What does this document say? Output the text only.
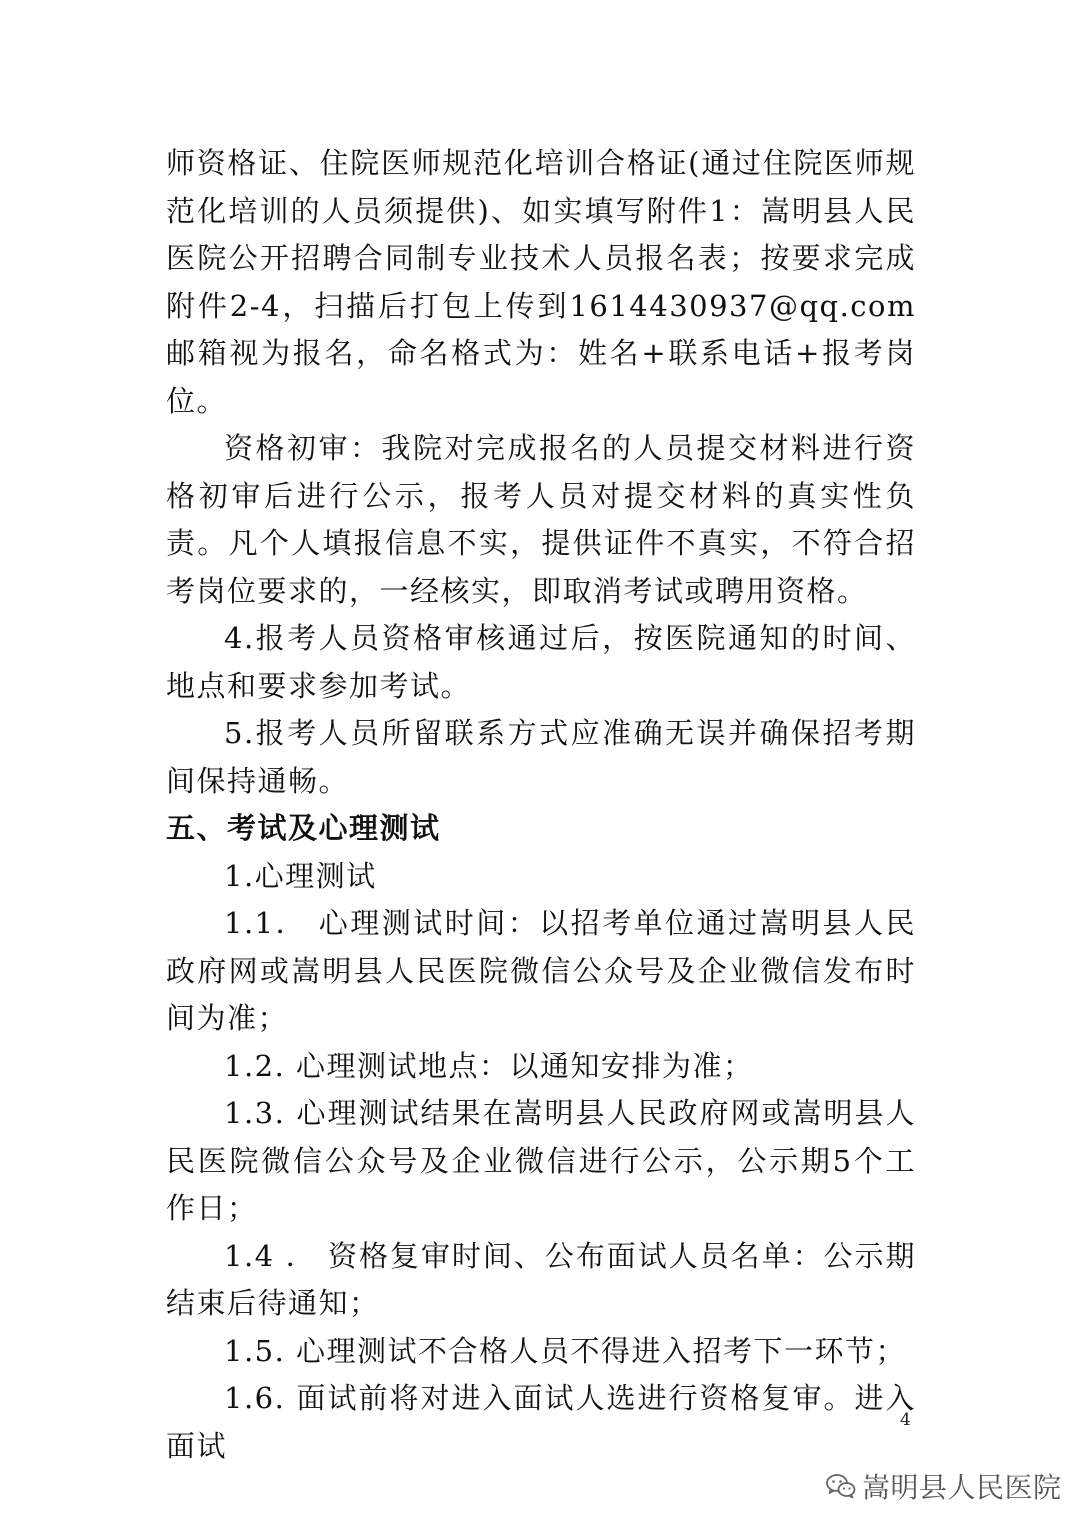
师资格证、住院医师规范化培训合格证(通过住院医师规范化培训的人员须提供)、如实填写附件1：嵩明县人民医院公开招聘合同制专业技术人员报名表；按要求完成附件2-4，扫描后打包上传到1614430937@qq.com邮箱视为报名，命名格式为：姓名+联系电话+报考岗位。

资格初审：我院对完成报名的人员提交材料进行资格初审后进行公示，报考人员对提交材料的真实性负责。凡个人填报信息不实，提供证件不真实，不符合招考岗位要求的，一经核实，即取消考试或聘用资格。

4.报考人员资格审核通过后，按医院通知的时间、地点和要求参加考试。

5.报考人员所留联系方式应准确无误并确保招考期间保持通畅。

五、考试及心理测试

1.心理测试

1.1． 心理测试时间：以招考单位通过嵩明县人民政府网或嵩明县人民医院微信公众号及企业微信发布时间为准；

1.2. 心理测试地点：以通知安排为准；

1.3. 心理测试结果在嵩明县人民政府网或嵩明县人民医院微信公众号及企业微信进行公示，公示期5个工作日；

1.4 ． 资格复审时间、公布面试人员名单：公示期结束后待通知；

1.5. 心理测试不合格人员不得进入招考下一环节；

1.6. 面试前将对进入面试人选进行资格复审。进入面试

4
嵩明县人民医院
